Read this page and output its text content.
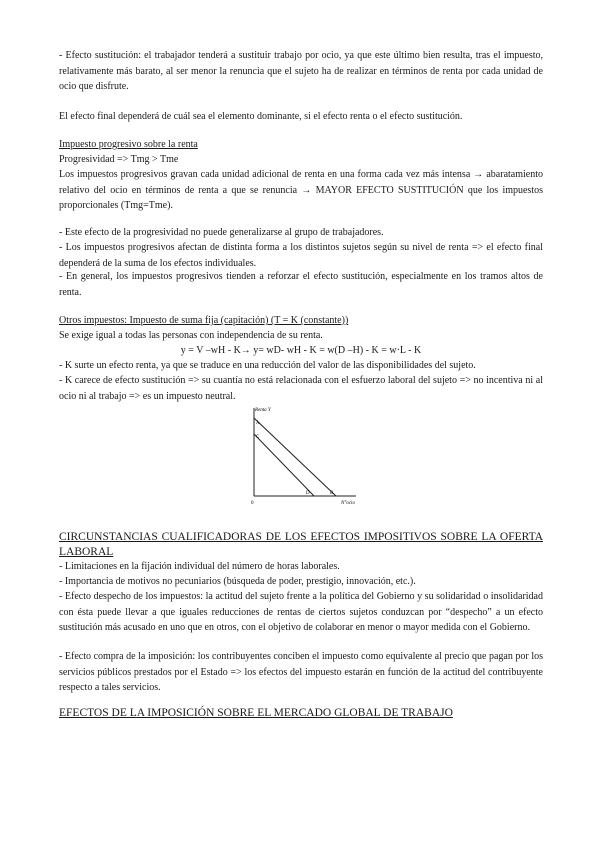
- Efecto sustitución: el trabajador tenderá a sustituir trabajo por ocio, ya que este último bien resulta, tras el impuesto, relativamente más barato, al ser menor la renuncia que el sujeto ha de realizar en términos de renta por cada unidad de ocio que disfrute.

El efecto final dependerá de cuál sea el elemento dominante, si el efecto renta o el efecto sustitución.

Impuesto progresivo sobre la renta

Progresividad => Tmg > Tme

Los impuestos progresivos gravan cada unidad adicional de renta en una forma cada vez más intensa → abaratamiento relativo del ocio en términos de renta a que se renuncia → MAYOR EFECTO SUSTITUCIÓN que los impuestos proporcionales (Tmg=Tme).

- Este efecto de la progresividad no puede generalizarse al grupo de trabajadores.

- Los impuestos progresivos afectan de distinta forma a los distintos sujetos según su nivel de renta => el efecto final dependerá de la suma de los efectos individuales.

- En general, los impuestos progresivos tienden a reforzar el efecto sustitución, especialmente en los tramos altos de renta.

Otros impuestos: Impuesto de suma fija (capitación) (T = K (constante))

Se exige igual a todas las personas con independencia de su renta.

y = V –wH - K→ y= wD- wH - K = w(D –H) - K = w·L - K

- K surte un efecto renta, ya que se traduce en una reducción del valor de las disponibilidades del sujeto.

- K carece de efecto sustitución => su cuantía no está relacionada con el esfuerzo laboral del sujeto => no incentiva ni al ocio ni al trabajo => es un impuesto neutral.

Renta Y
A
C
D	B
0	N°ocio

CIRCUNSTANCIAS CUALIFICADORAS DE LOS EFECTOS IMPOSITIVOS SOBRE LA OFERTA LABORAL

- Limitaciones en la fijación individual del número de horas laborales.

- Importancia de motivos no pecuniarios (búsqueda de poder, prestigio, innovación, etc.).

- Efecto despecho de los impuestos: la actitud del sujeto frente a la política del Gobierno y su solidaridad o insolidaridad con ésta puede llevar a que iguales reducciones de rentas de ciertos sujetos conduzcan por “despecho” a un efecto sustitución más acusado en uno que en otros, con el objetivo de colaborar en menor o mayor medida con el Gobierno.

- Efecto compra de la imposición: los contribuyentes conciben el impuesto como equivalente al precio que pagan por los servicios públicos prestados por el Estado => los efectos del impuesto estarán en función de la actitud del contribuyente respecto a tales servicios.

EFECTOS DE LA IMPOSICIÓN SOBRE EL MERCADO GLOBAL DE TRABAJO
